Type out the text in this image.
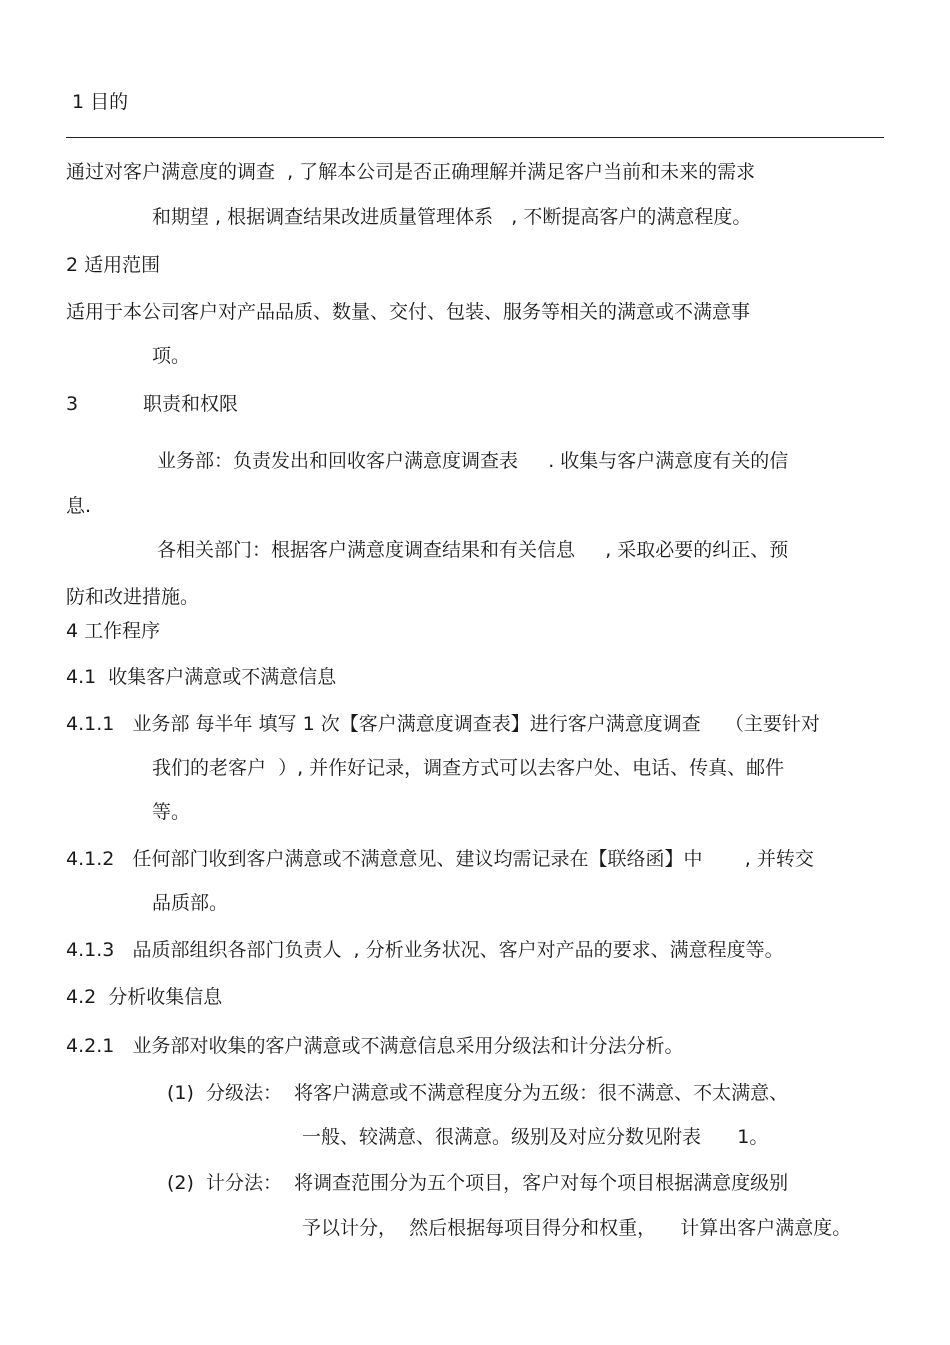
1 目的
通过对客户满意度的调查  , 了解本公司是否正确理解并满足客户当前和未来的需求
和期望 , 根据调查结果改进质量管理体系   , 不断提高客户的满意程度。
2 适用范围
适用于本公司客户对产品品质、数量、交付、包装、服务等相关的满意或不满意事
项。
3	职责和权限
业务部：负责发出和回收客户满意度调查表     . 收集与客户满意度有关的信
息.
各相关部门：根据客户满意度调查结果和有关信息     , 采取必要的纠正、预
防和改进措施。
4 工作程序
4.1  收集客户满意或不满意信息
4.1.1   业务部 每半年 填写 1 次【客户满意度调查表】进行客户满意度调查    （主要针对
我们的老客户  ）, 并作好记录，调查方式可以去客户处、电话、传真、邮件
等。
4.1.2   任何部门收到客户满意或不满意意见、建议均需记录在【联络函】中       , 并转交
品质部。
4.1.3   品质部组织各部门负责人  , 分析业务状况、客户对产品的要求、满意程度等。
4.2  分析收集信息
4.2.1   业务部对收集的客户满意或不满意信息采用分级法和计分法分析。
(1)  分级法：  将客户满意或不满意程度分为五级：很不满意、不太满意、
一般、较满意、很满意。级别及对应分数见附表      1。
(2)  计分法：  将调查范围分为五个项目，客户对每个项目根据满意度级别
予以计分，  然后根据每项目得分和权重，    计算出客户满意度。
